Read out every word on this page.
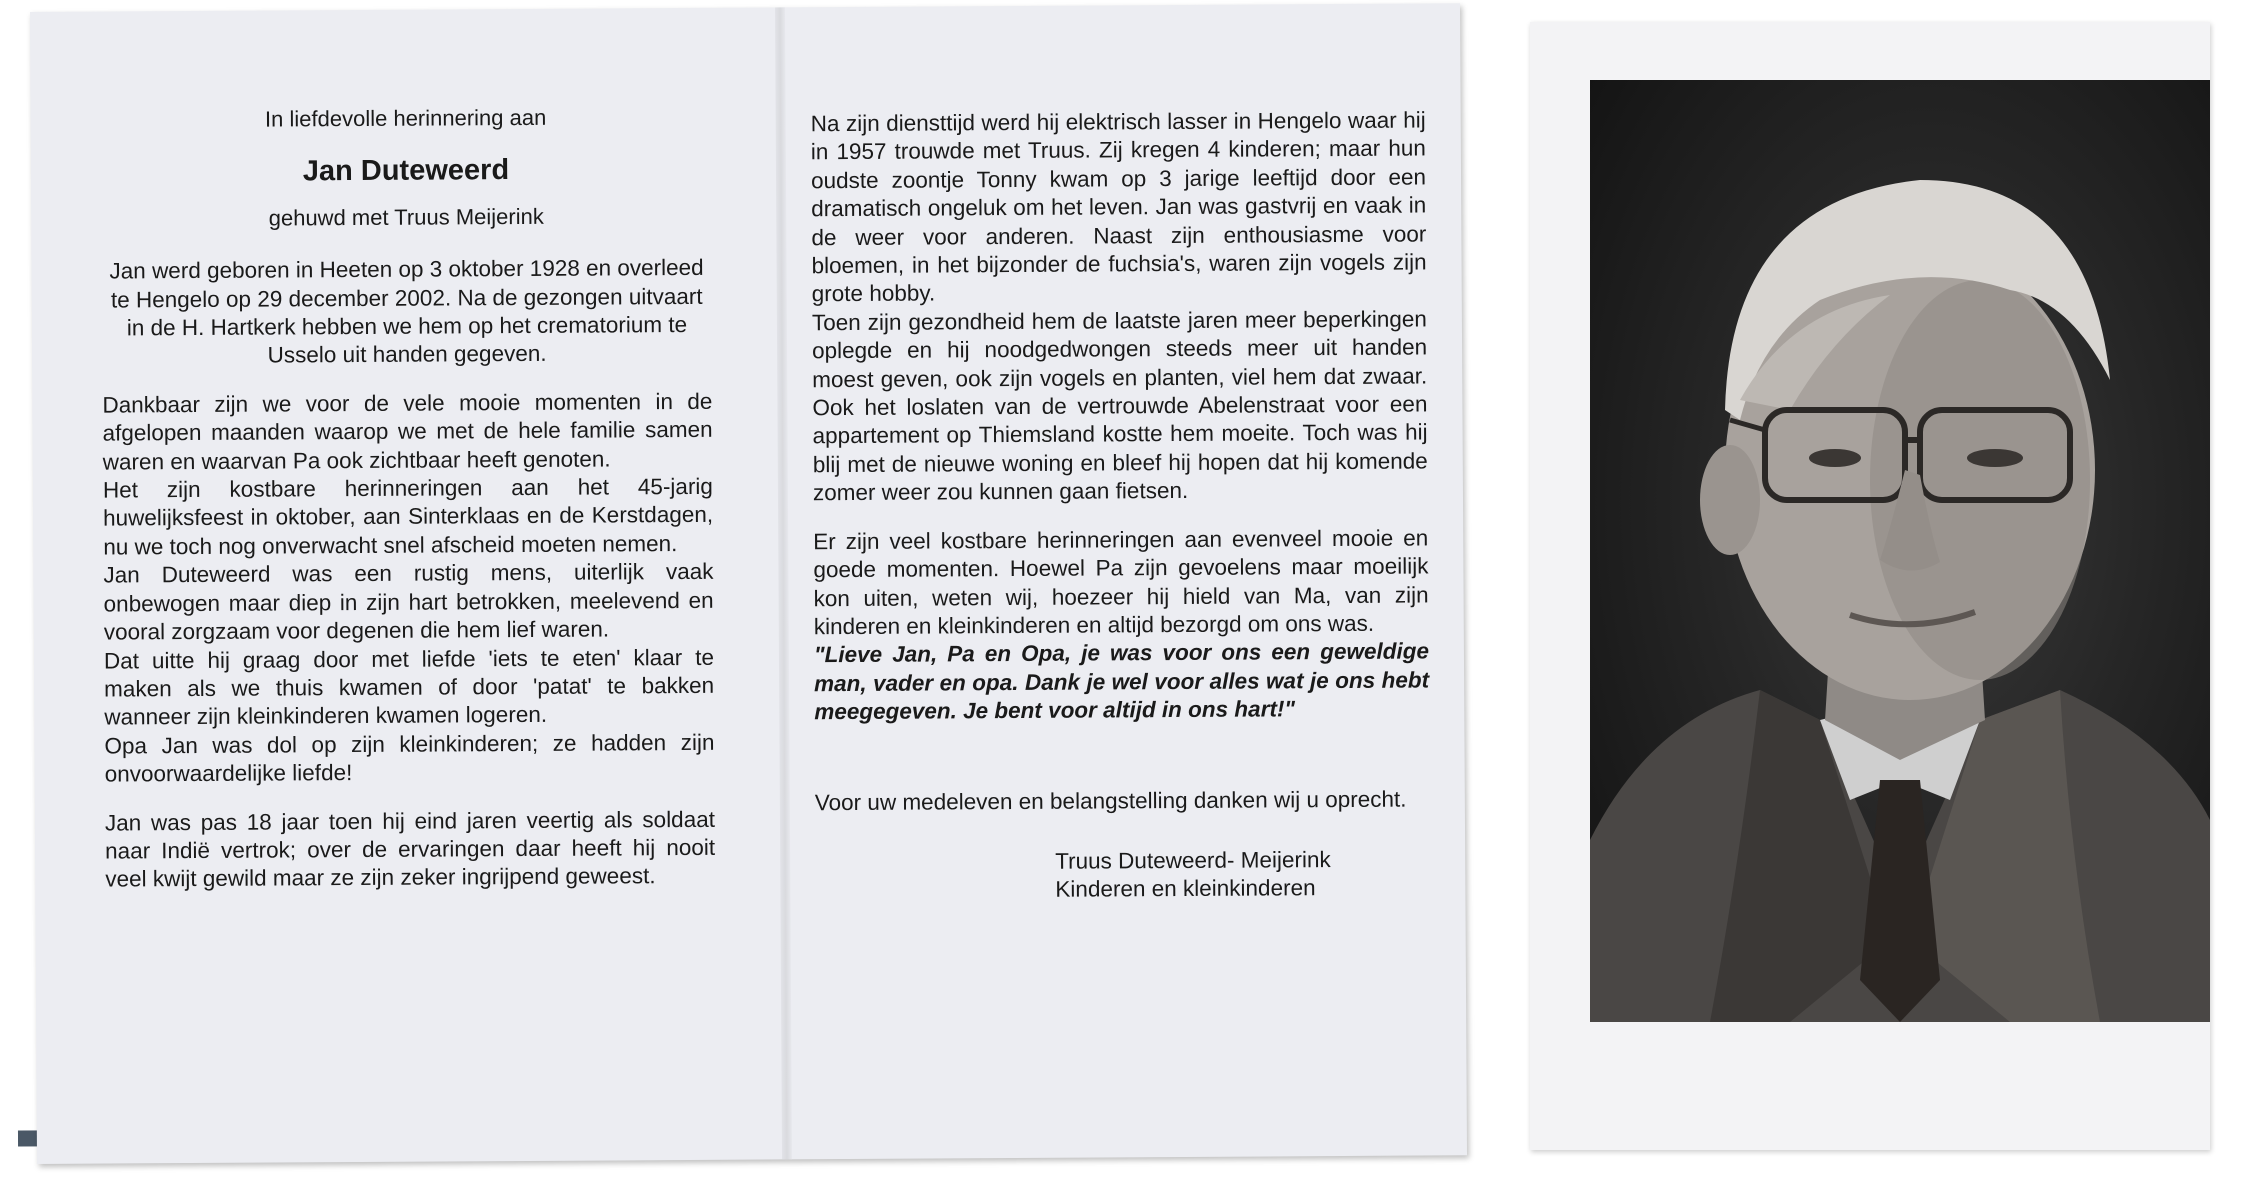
In liefdevolle herinnering aan
Jan Duteweerd
gehuwd met Truus Meijerink
Jan werd geboren in Heeten op 3 oktober 1928 en overleed te Hengelo op 29 december 2002. Na de gezongen uitvaart in de H. Hartkerk hebben we hem op het crematorium te Usselo uit handen gegeven.
Dankbaar zijn we voor de vele mooie momenten in de afgelopen maanden waarop we met de hele familie samen waren en waarvan Pa ook zichtbaar heeft genoten.
Het zijn kostbare herinneringen aan het 45-jarig huwelijksfeest in oktober, aan Sinterklaas en de Kerstdagen, nu we toch nog onverwacht snel afscheid moeten nemen.
Jan Duteweerd was een rustig mens, uiterlijk vaak onbewogen maar diep in zijn hart betrokken, meelevend en vooral zorgzaam voor degenen die hem lief waren.
Dat uitte hij graag door met liefde 'iets te eten' klaar te maken als we thuis kwamen of door 'patat' te bakken wanneer zijn kleinkinderen kwamen logeren.
Opa Jan was dol op zijn kleinkinderen; ze hadden zijn onvoorwaardelijke liefde!
Jan was pas 18 jaar toen hij eind jaren veertig als soldaat naar Indië vertrok; over de ervaringen daar heeft hij nooit veel kwijt gewild maar ze zijn zeker ingrijpend geweest.
Na zijn diensttijd werd hij elektrisch lasser in Hengelo waar hij in 1957 trouwde met Truus. Zij kregen 4 kinderen; maar hun oudste zoontje Tonny kwam op 3 jarige leeftijd door een dramatisch ongeluk om het leven. Jan was gastvrij en vaak in de weer voor anderen. Naast zijn enthousiasme voor bloemen, in het bijzonder de fuchsia's, waren zijn vogels zijn grote hobby.
Toen zijn gezondheid hem de laatste jaren meer beperkingen oplegde en hij noodgedwongen steeds meer uit handen moest geven, ook zijn vogels en planten, viel hem dat zwaar. Ook het loslaten van de vertrouwde Abelenstraat voor een appartement op Thiemsland kostte hem moeite. Toch was hij blij met de nieuwe woning en bleef hij hopen dat hij komende zomer weer zou kunnen gaan fietsen.
Er zijn veel kostbare herinneringen aan evenveel mooie en goede momenten. Hoewel Pa zijn gevoelens maar moeilijk kon uiten, weten wij, hoezeer hij hield van Ma, van zijn kinderen en kleinkinderen en altijd bezorgd om ons was.
"Lieve Jan, Pa en Opa, je was voor ons een geweldige man, vader en opa. Dank je wel voor alles wat je ons hebt meegegeven. Je bent voor altijd in ons hart!"
Voor uw medeleven en belangstelling danken wij u oprecht.
Truus Duteweerd- Meijerink
Kinderen en kleinkinderen
